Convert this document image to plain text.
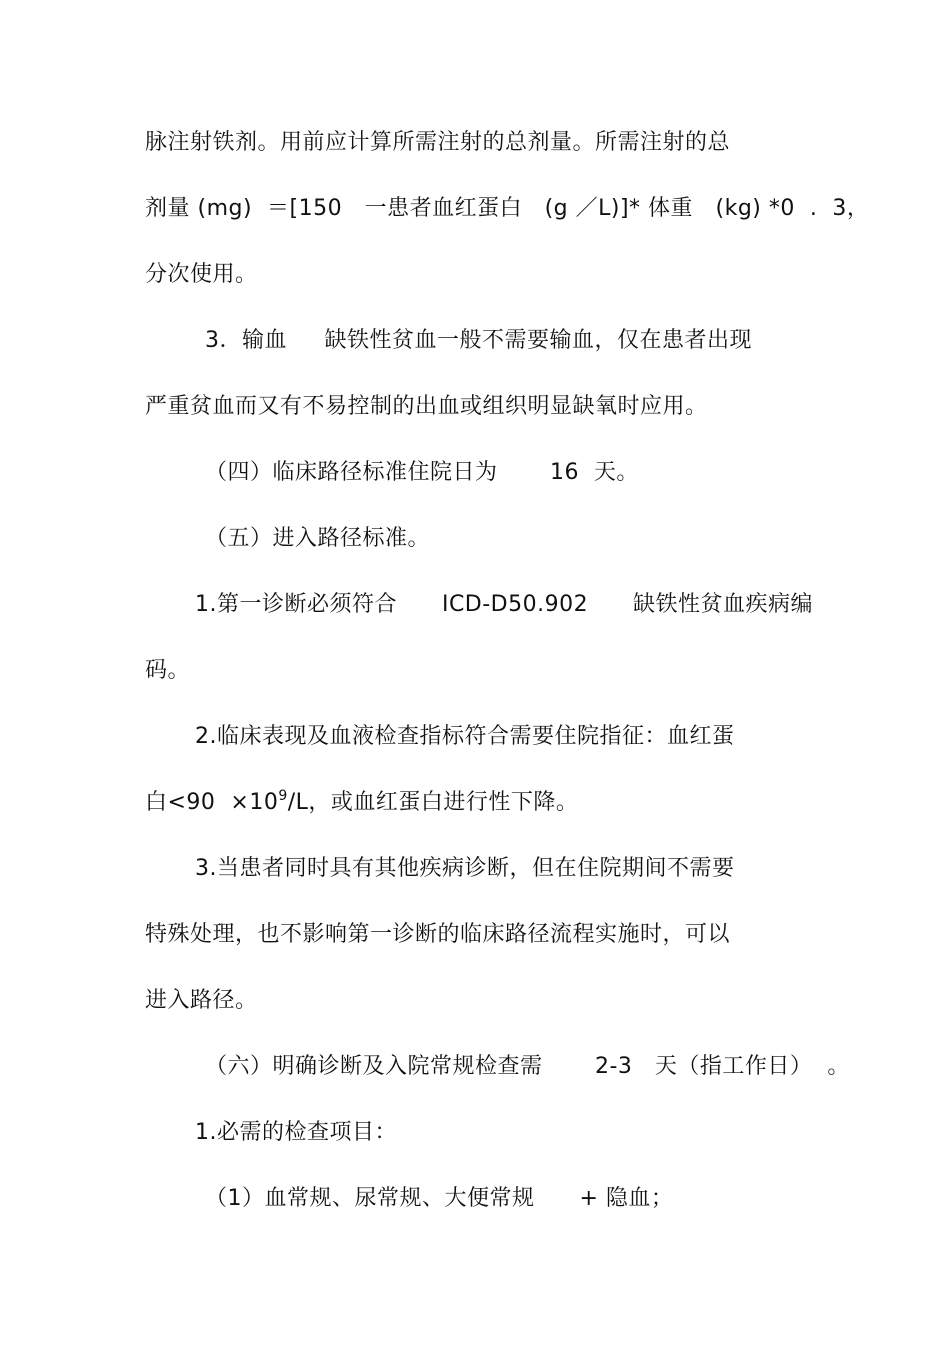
脉注射铁剂。用前应计算所需注射的总剂量。所需注射的总
剂量 (mg)  ＝[150   一患者血红蛋白   (g ／L)]* 体重   (kg) *0  .  3，
分次使用。
3．输血     缺铁性贫血一般不需要输血，仅在患者出现
严重贫血而又有不易控制的出血或组织明显缺氧时应用。
（四）临床路径标准住院日为       16  天。
（五）进入路径标准。
1.第一诊断必须符合      ICD-D50.902      缺铁性贫血疾病编
码。
2.临床表现及血液检查指标符合需要住院指征：血红蛋
白$<90 \times 10^9/L$，或血红蛋白进行性下降。
3.当患者同时具有其他疾病诊断，但在住院期间不需要
特殊处理，也不影响第一诊断的临床路径流程实施时，可以
进入路径。
（六）明确诊断及入院常规检查需       2-3   天（指工作日）  。
1.必需的检查项目：
（1）血常规、尿常规、大便常规      + 隐血；
